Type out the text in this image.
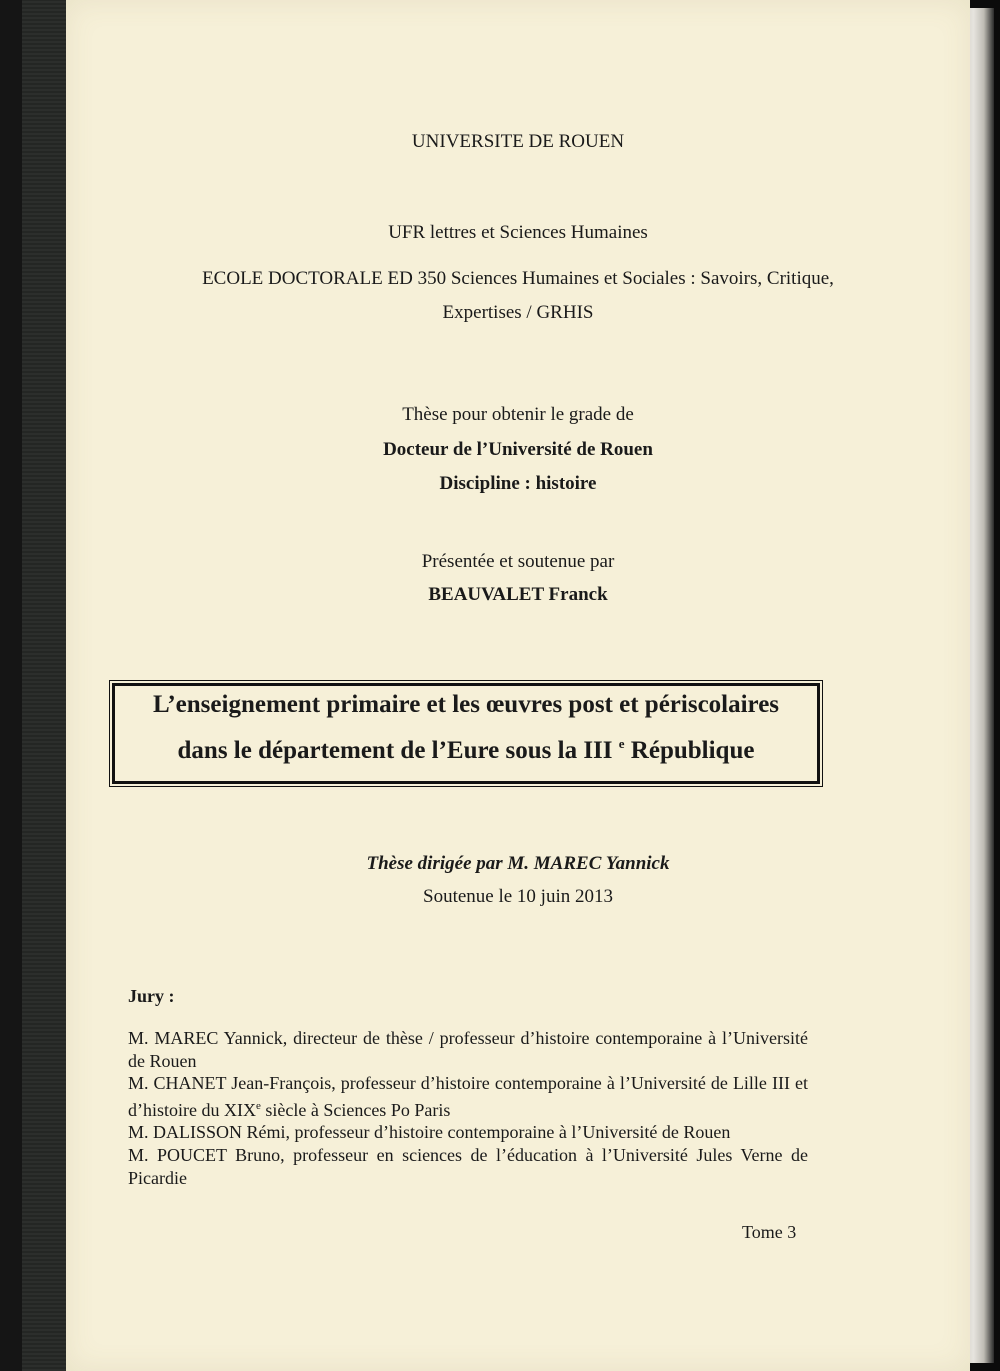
UNIVERSITE DE ROUEN
UFR lettres et Sciences Humaines
ECOLE DOCTORALE ED 350 Sciences Humaines et Sociales : Savoirs, Critique,
Expertises / GRHIS
Thèse pour obtenir le grade de
Docteur de l’Université de Rouen
Discipline : histoire
Présentée et soutenue par
BEAUVALET Franck
L’enseignement primaire et les œuvres post et périscolaires
dans le département de l’Eure sous la III $^e$ République
Thèse dirigée par M. MAREC Yannick
Soutenue le 10 juin 2013
Jury :
M. MAREC Yannick, directeur de thèse / professeur d’histoire contemporaine à l’Université de Rouen
M. CHANET Jean-François, professeur d’histoire contemporaine à l’Université de Lille III et d’histoire du XIXe siècle à Sciences Po Paris
M. DALISSON Rémi, professeur d’histoire contemporaine à l’Université de Rouen
M. POUCET Bruno, professeur en sciences de l’éducation à l’Université Jules Verne de Picardie
Tome 3
